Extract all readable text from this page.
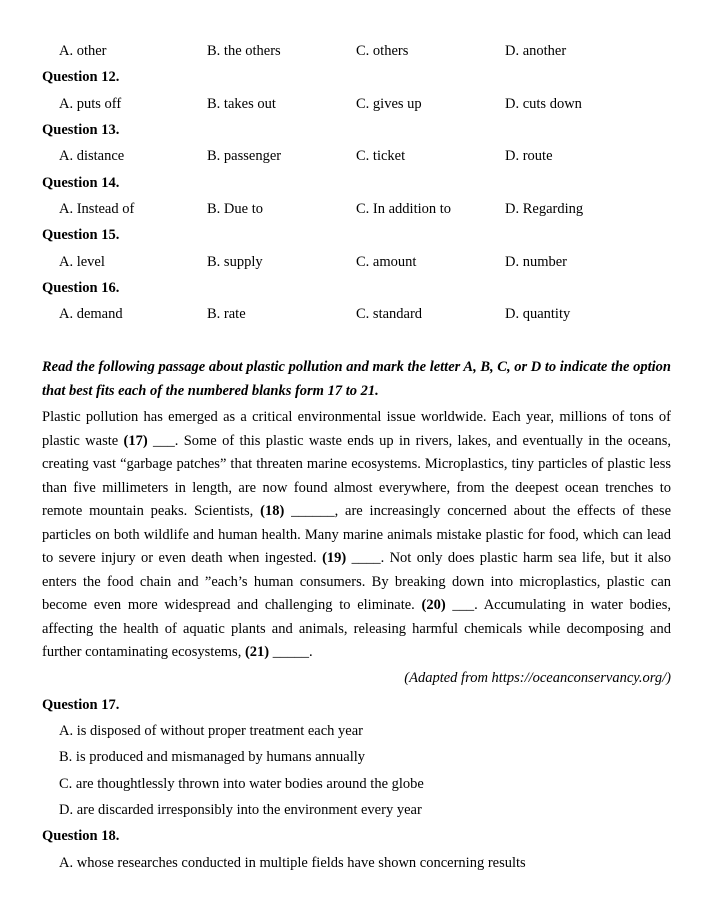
A. other	B. the others	C. others	D. another
Question 12.
A. puts off	B. takes out	C. gives up	D. cuts down
Question 13.
A. distance	B. passenger	C. ticket	D. route
Question 14.
A. Instead of	B. Due to	C. In addition to	D. Regarding
Question 15.
A. level	B. supply	C. amount	D. number
Question 16.
A. demand	B. rate	C. standard	D. quantity
Read the following passage about plastic pollution and mark the letter A, B, C, or D to indicate the option that best fits each of the numbered blanks form 17 to 21.
Plastic pollution has emerged as a critical environmental issue worldwide. Each year, millions of tons of plastic waste (17) ___. Some of this plastic waste ends up in rivers, lakes, and eventually in the oceans, creating vast “garbage patches” that threaten marine ecosystems. Microplastics, tiny particles of plastic less than five millimeters in length, are now found almost everywhere, from the deepest ocean trenches to remote mountain peaks. Scientists, (18) ______, are increasingly concerned about the effects of these particles on both wildlife and human health. Many marine animals mistake plastic for food, which can lead to severe injury or even death when ingested. (19) ____. Not only does plastic harm sea life, but it also enters the food chain and ”each’s human consumers. By breaking down into microplastics, plastic can become even more widespread and challenging to eliminate. (20) ___. Accumulating in water bodies, affecting the health of aquatic plants and animals, releasing harmful chemicals while decomposing and further contaminating ecosystems, (21) _____.
(Adapted from https://oceanconservancy.org/)
Question 17.
A. is disposed of without proper treatment each year
B. is produced and mismanaged by humans annually
C. are thoughtlessly thrown into water bodies around the globe
D. are discarded irresponsibly into the environment every year
Question 18.
A. whose researches conducted in multiple fields have shown concerning results
